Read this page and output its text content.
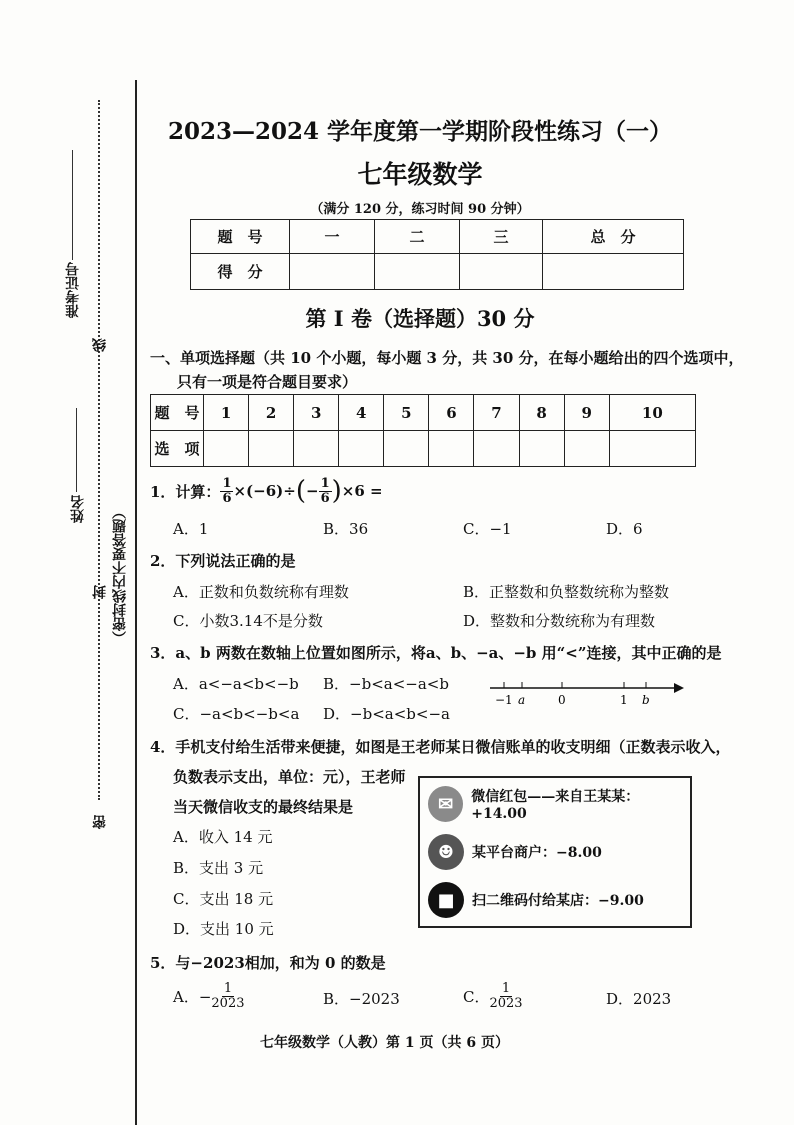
准考证号
姓名
线
封
密
（密封线内不要答题）
2023—2024 学年度第一学期阶段性练习（一）
七年级数学
（满分 120 分，练习时间 90 分钟）
题　号	一	二	三	总　分
得　分				
第 I 卷（选择题）30 分
一、单项选择题（共 10 个小题，每小题 3 分，共 30 分，在每小题给出的四个选项中，
只有一项是符合题目要求）
题　号	1	2	3	4	5	6	7	8	9	10
选　项										
1．计算： $\frac{1}{6} \times(-6)\div$ ( − $\frac{1}{6}$ ) ×6 =
A．1	B．36	C．−1	D．6
2．下列说法正确的是
A．正数和负数统称有理数	B．正整数和负整数统称为整数
C．小数3.14不是分数	D．整数和分数统称为有理数
3．a、b 两数在数轴上位置如图所示，将a、b、−a、−b 用“<”连接，其中正确的是
A．a<−a<b<−b B．−b<a<−a<b
C．−a<b<−b<a D．−b<a<b<−a
−1 a	0	1 b
4．手机支付给生活带来便捷，如图是王老师某日微信账单的收支明细（正数表示收入，
负数表示支出，单位：元），王老师
当天微信收支的最终结果是
A．收入 14 元
B．支出 3 元
C．支出 18 元
D．支出 10 元
✉	微信红包——来自王某某：+14.00
☻	某平台商户：−8.00
■	扫二维码付给某店：−9.00
5．与−2023相加，和为 0 的数是
A．− $\frac{1}{2023}$	B．−2023	C． $\frac{1}{2023}$	D．2023
七年级数学（人教）第 1 页（共 6 页）
